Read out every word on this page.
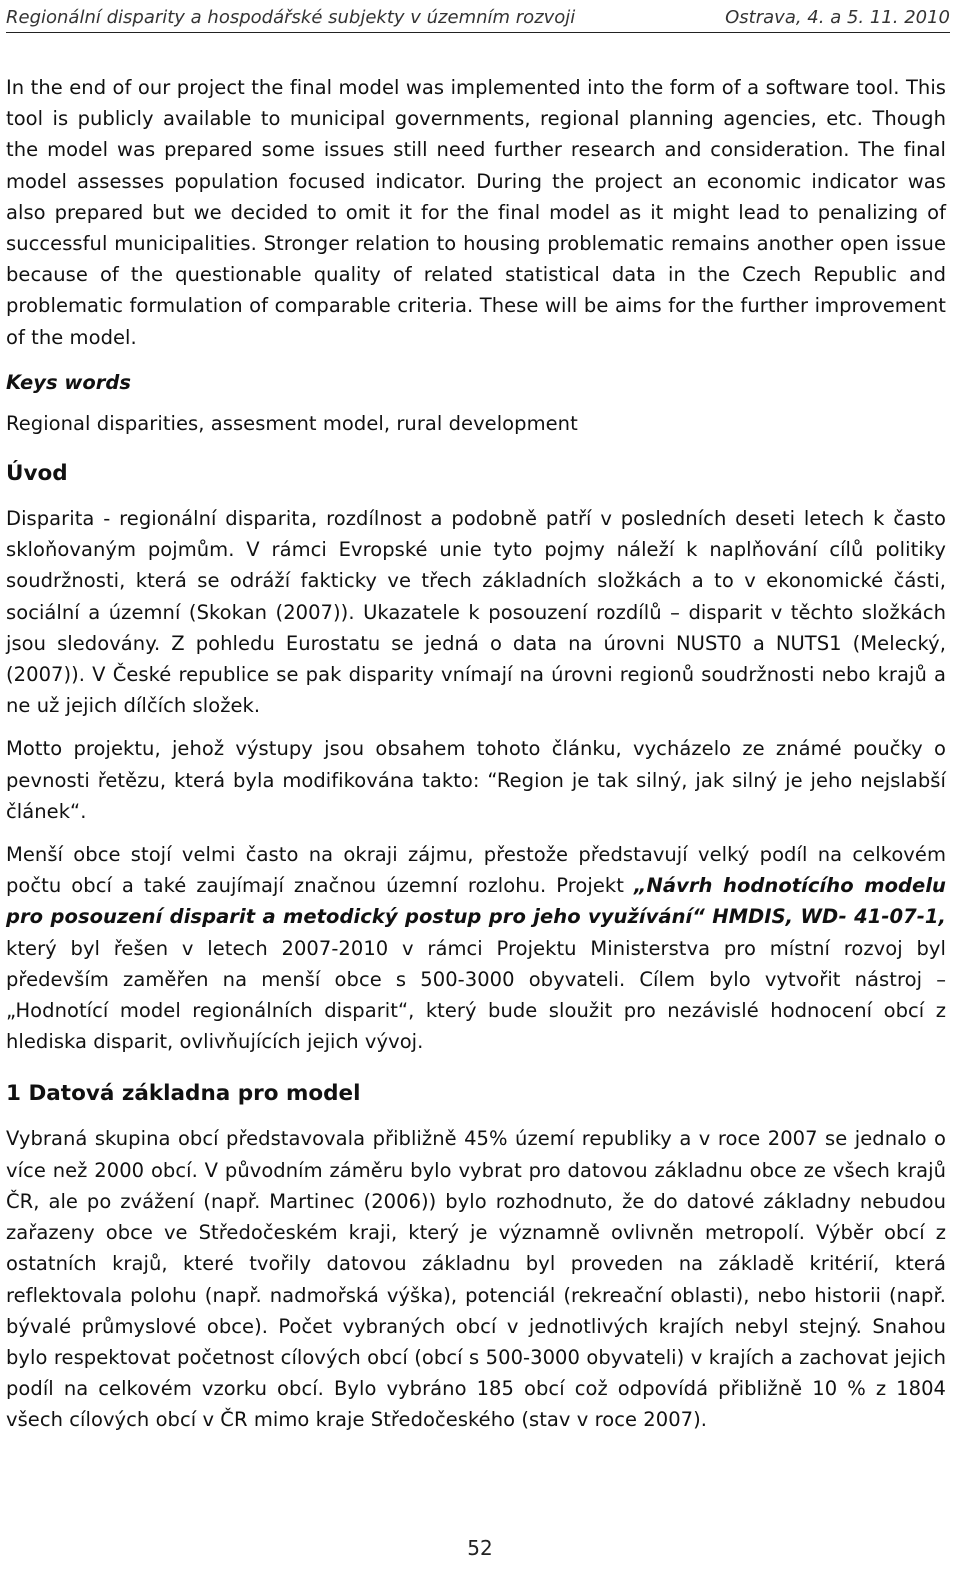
Regionální disparity a hospodářské subjekty v územním rozvoji	Ostrava, 4. a 5. 11. 2010

In the end of our project the final model was implemented into the form of a software tool. This tool is publicly available to municipal governments, regional planning agencies, etc. Though the model was prepared some issues still need further research and consideration. The final model assesses population focused indicator. During the project an economic indicator was also prepared but we decided to omit it for the final model as it might lead to penalizing of successful municipalities. Stronger relation to housing problematic remains another open issue because of the questionable quality of related statistical data in the Czech Republic and problematic formulation of comparable criteria. These will be aims for the further improvement of the model.

Keys words

Regional disparities, assesment model, rural development

Úvod

Disparita - regionální disparita, rozdílnost a podobně patří v posledních deseti letech k často skloňovaným pojmům. V rámci Evropské unie tyto pojmy náleží k naplňování cílů politiky soudržnosti, která se odráží fakticky ve třech základních složkách a to v ekonomické části, sociální a územní (Skokan (2007)). Ukazatele k posouzení rozdílů – disparit v těchto složkách jsou sledovány. Z pohledu Eurostatu se jedná o data na úrovni NUST0 a NUTS1 (Melecký, (2007)). V České republice se pak disparity vnímají na úrovni regionů soudržnosti nebo krajů a ne už jejich dílčích složek.

Motto projektu, jehož výstupy jsou obsahem tohoto článku, vycházelo ze známé poučky o pevnosti řetězu, která byla modifikována takto: “Region je tak silný, jak silný je jeho nejslabší článek“.

Menší obce stojí velmi často na okraji zájmu, přestože představují velký podíl na celkovém počtu obcí a také zaujímají značnou územní rozlohu. Projekt „Návrh hodnotícího modelu pro posouzení disparit a metodický postup pro jeho využívání“ HMDIS, WD- 41-07-1, který byl řešen v letech 2007-2010 v rámci Projektu Ministerstva pro místní rozvoj byl především zaměřen na menší obce s 500-3000 obyvateli. Cílem bylo vytvořit nástroj – „Hodnotící model regionálních disparit“, který bude sloužit pro nezávislé hodnocení obcí z hlediska disparit, ovlivňujících jejich vývoj.

1 Datová základna pro model

Vybraná skupina obcí představovala přibližně 45% území republiky a v roce 2007 se jednalo o více než 2000 obcí. V původním záměru bylo vybrat pro datovou základnu obce ze všech krajů ČR, ale po zvážení (např. Martinec (2006)) bylo rozhodnuto, že do datové základny nebudou zařazeny obce ve Středočeském kraji, který je významně ovlivněn metropolí. Výběr obcí z ostatních krajů, které tvořily datovou základnu byl proveden na základě kritérií, která reflektovala polohu (např. nadmořská výška), potenciál (rekreační oblasti), nebo historii (např. bývalé průmyslové obce). Počet vybraných obcí v jednotlivých krajích nebyl stejný. Snahou bylo respektovat početnost cílových obcí (obcí s 500-3000 obyvateli) v krajích a zachovat jejich podíl na celkovém vzorku obcí. Bylo vybráno 185 obcí což odpovídá přibližně 10 % z 1804 všech cílových obcí v ČR mimo kraje Středočeského (stav v roce 2007).

52
